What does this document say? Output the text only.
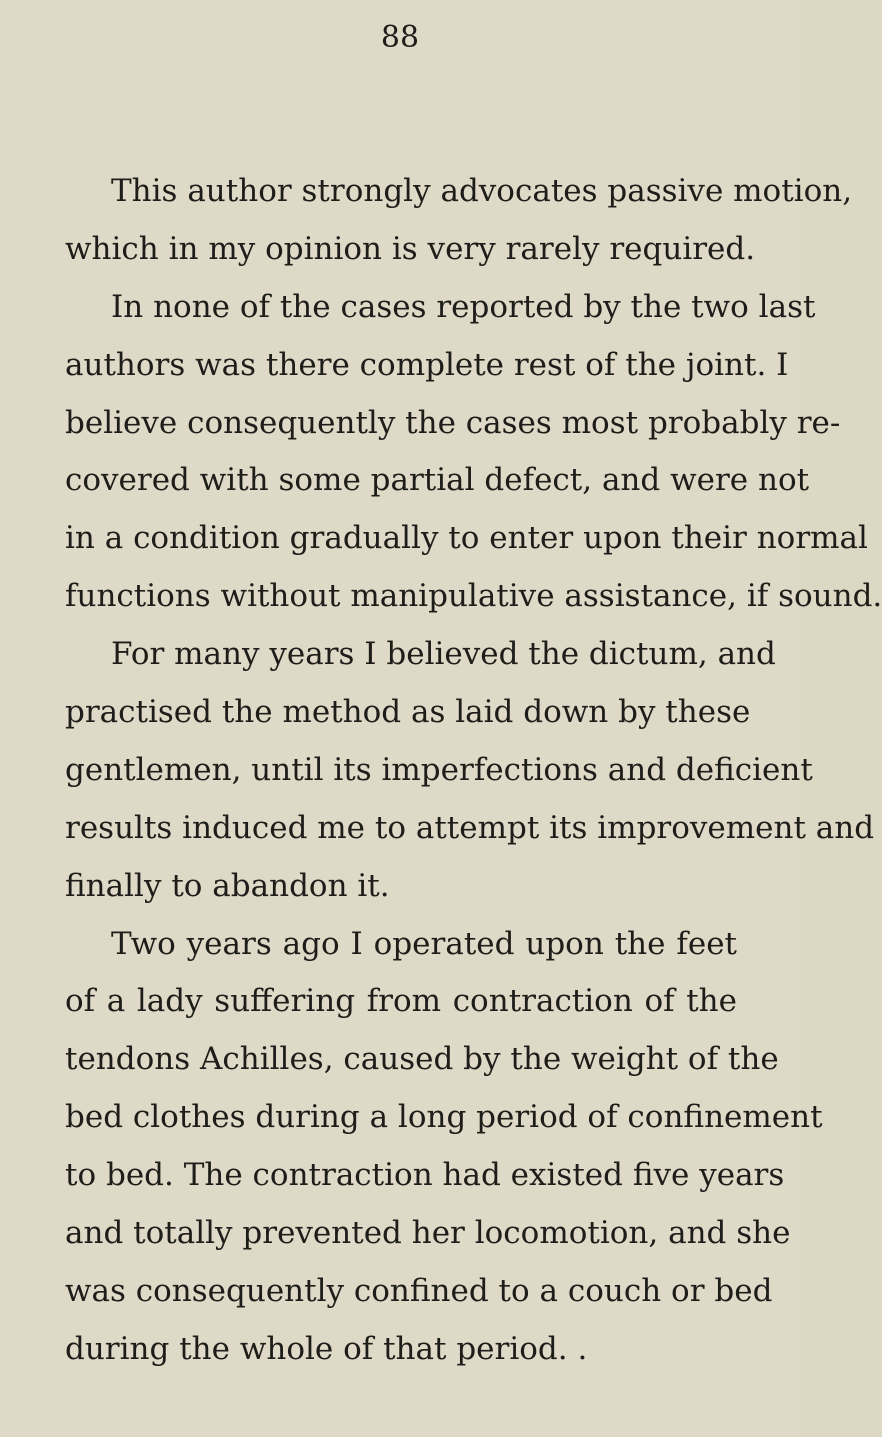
88
This author strongly advocates passive motion,
which in my opinion is very rarely required.
In none of the cases reported by the two last
authors was there complete rest of the joint. I
believe consequently the cases most probably re-
covered with some partial defect, and were not
in a condition gradually to enter upon their normal
functions without manipulative assistance, if sound.
For many years I believed the dictum, and
practised the method as laid down by these
gentlemen, until its imperfections and deficient
results induced me to attempt its improvement and
finally to abandon it.
Two years ago I operated upon the feet
of a lady suffering from contraction of the
tendons Achilles, caused by the weight of the
bed clothes during a long period of confinement
to bed. The contraction had existed five years
and totally prevented her locomotion, and she
was consequently confined to a couch or bed
during the whole of that period. .
